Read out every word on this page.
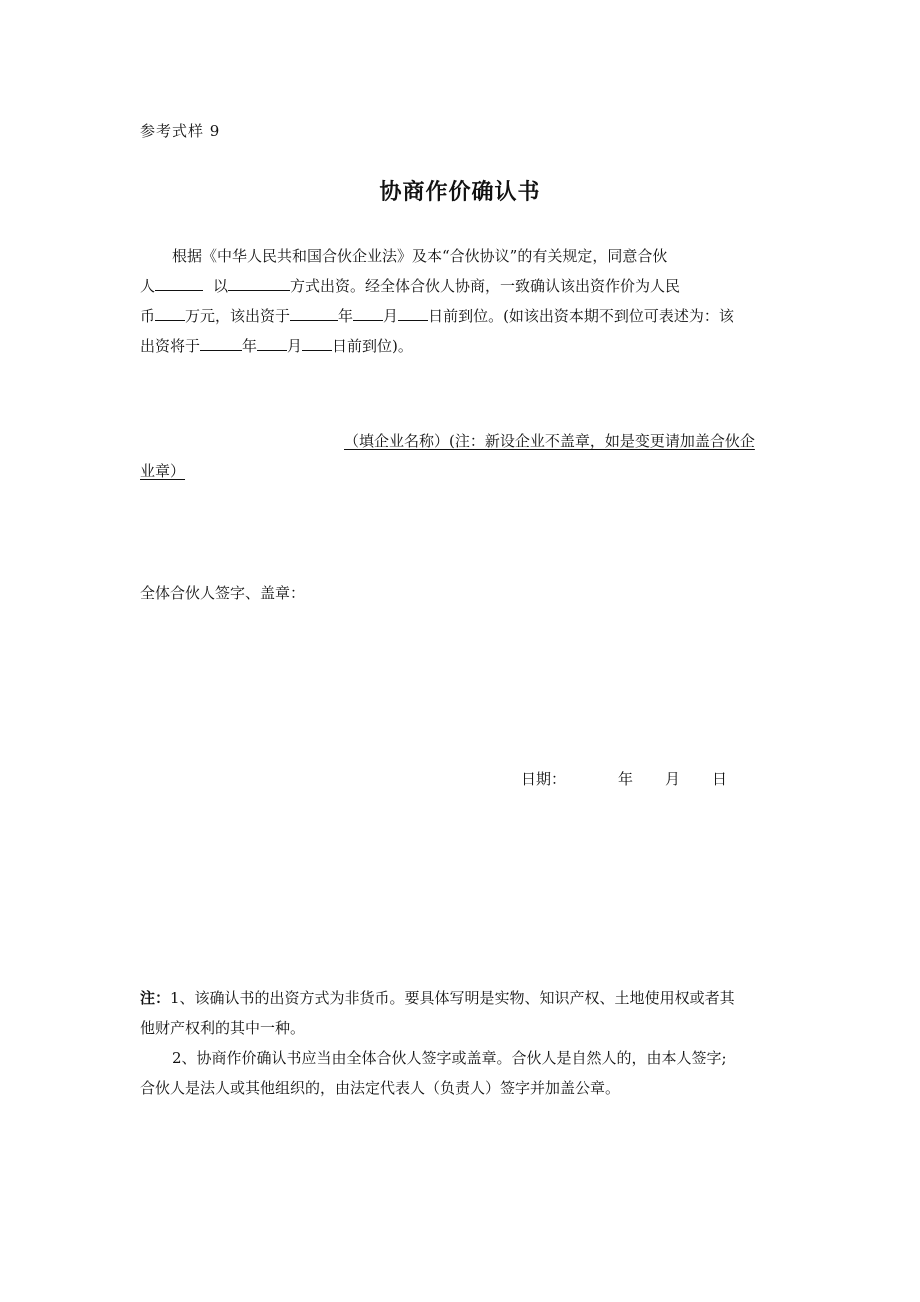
参考式样 9
协商作价确认书
根据《中华人民共和国合伙企业法》及本“合伙协议”的有关规定，同意合伙
人	以	方式出资。经全体合伙人协商，一致确认该出资作价为人民
币 万元，该出资于	年 月 日前到位。(如该出资本期不到位可表述为：该
出资将于	年 月 日前到位)。
（填企业名称）(注：新设企业不盖章，如是变更请加盖合伙企
业章）
全体合伙人签字、盖章：
日期：	年 月 日
注：1、该确认书的出资方式为非货币。要具体写明是实物、知识产权、土地使用权或者其
他财产权利的其中一种。
2、协商作价确认书应当由全体合伙人签字或盖章。合伙人是自然人的，由本人签字;
合伙人是法人或其他组织的，由法定代表人（负责人）签字并加盖公章。
